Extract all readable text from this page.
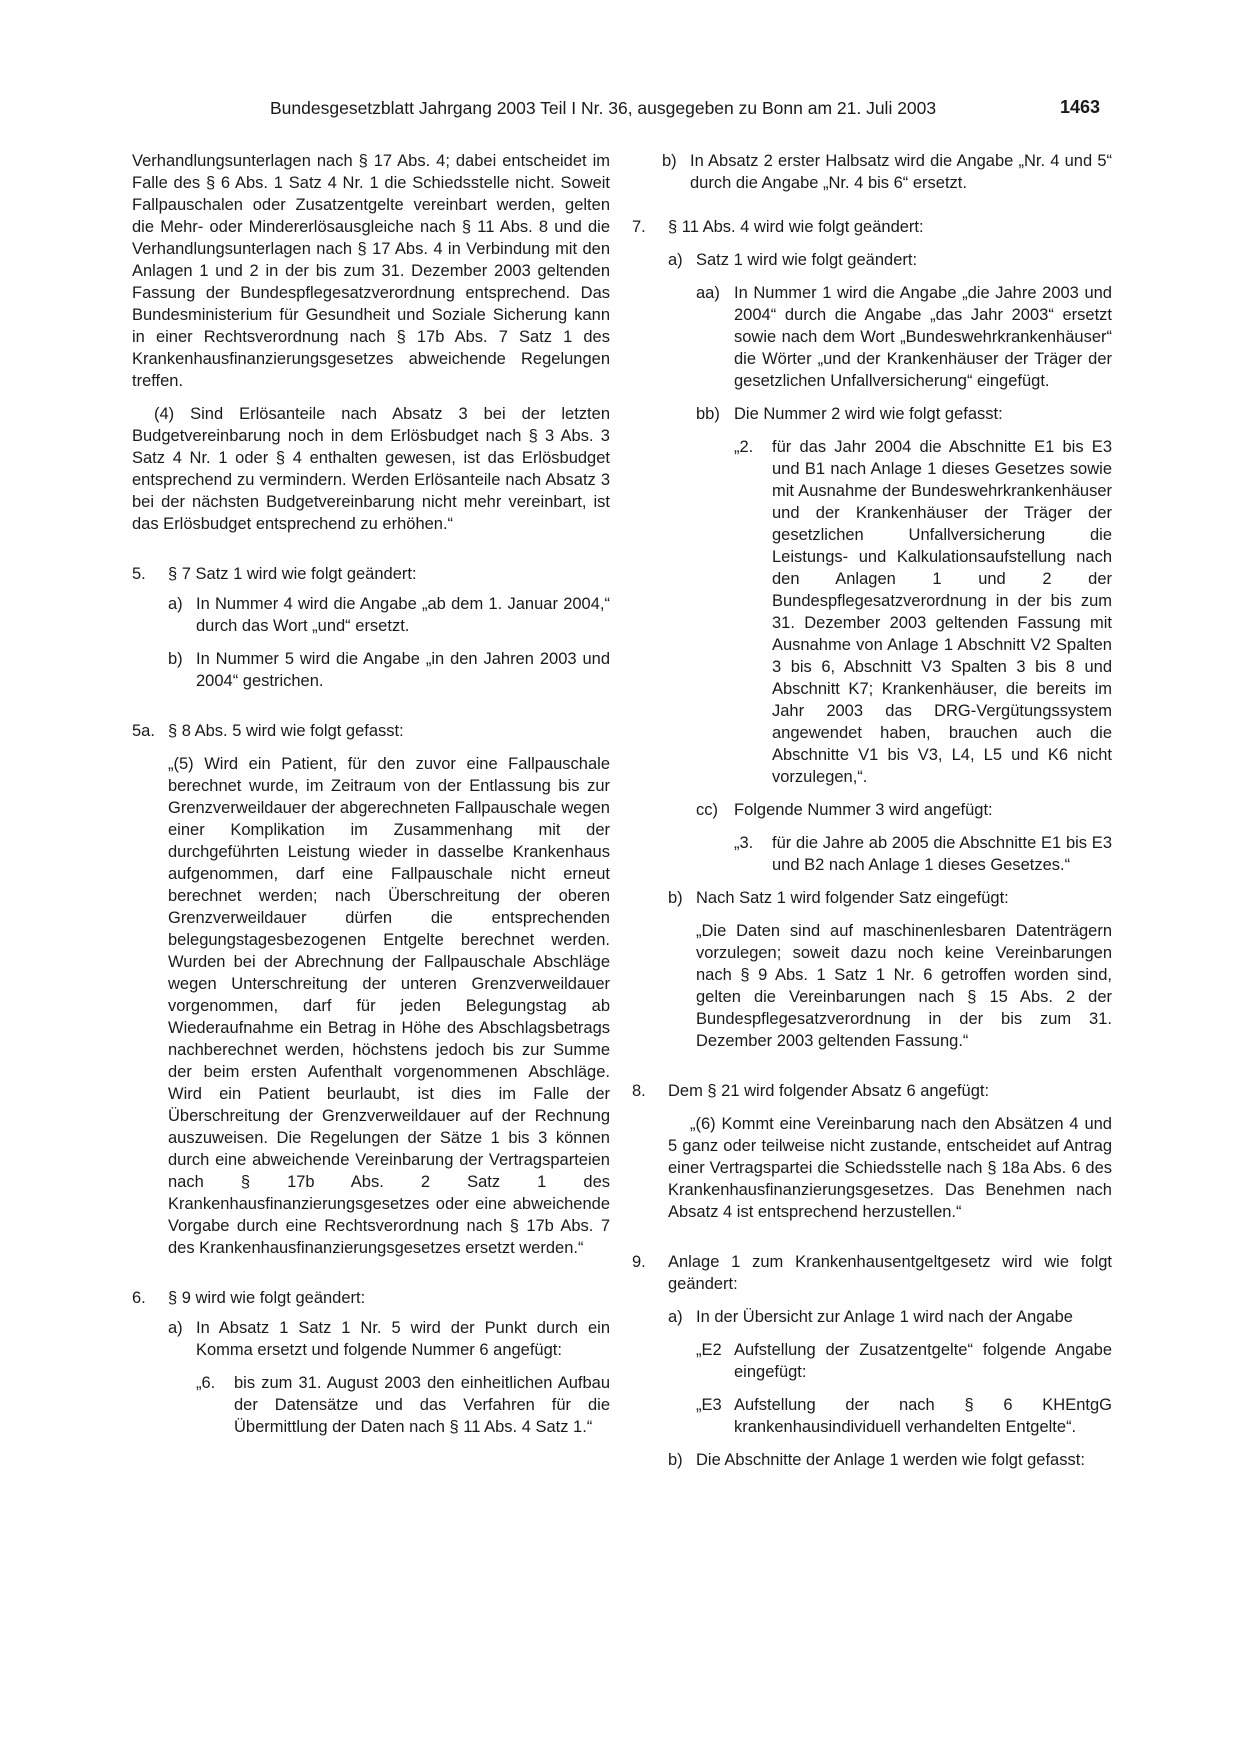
Bundesgesetzblatt Jahrgang 2003 Teil I Nr. 36, ausgegeben zu Bonn am 21. Juli 2003	1463

Verhandlungsunterlagen nach § 17 Abs. 4; dabei entscheidet im Falle des § 6 Abs. 1 Satz 4 Nr. 1 die Schiedsstelle nicht. Soweit Fallpauschalen oder Zusatzentgelte vereinbart werden, gelten die Mehr- oder Mindererlösausgleiche nach § 11 Abs. 8 und die Verhandlungsunterlagen nach § 17 Abs. 4 in Verbindung mit den Anlagen 1 und 2 in der bis zum 31. Dezember 2003 geltenden Fassung der Bundespflegesatzverordnung entsprechend. Das Bundesministerium für Gesundheit und Soziale Sicherung kann in einer Rechtsverordnung nach § 17b Abs. 7 Satz 1 des Krankenhausfinanzierungsgesetzes abweichende Regelungen treffen.

(4) Sind Erlösanteile nach Absatz 3 bei der letzten Budgetvereinbarung noch in dem Erlösbudget nach § 3 Abs. 3 Satz 4 Nr. 1 oder § 4 enthalten gewesen, ist das Erlösbudget entsprechend zu vermindern. Werden Erlösanteile nach Absatz 3 bei der nächsten Budgetvereinbarung nicht mehr vereinbart, ist das Erlösbudget entsprechend zu erhöhen.“

5. § 7 Satz 1 wird wie folgt geändert:

a) In Nummer 4 wird die Angabe „ab dem 1. Januar 2004,“ durch das Wort „und“ ersetzt.

b) In Nummer 5 wird die Angabe „in den Jahren 2003 und 2004“ gestrichen.

5a. § 8 Abs. 5 wird wie folgt gefasst:

„(5) Wird ein Patient, für den zuvor eine Fallpauschale berechnet wurde, im Zeitraum von der Entlassung bis zur Grenzverweildauer der abgerechneten Fallpauschale wegen einer Komplikation im Zusammenhang mit der durchgeführten Leistung wieder in dasselbe Krankenhaus aufgenommen, darf eine Fallpauschale nicht erneut berechnet werden; nach Überschreitung der oberen Grenzverweildauer dürfen die entsprechenden belegungstagesbezogenen Entgelte berechnet werden. Wurden bei der Abrechnung der Fallpauschale Abschläge wegen Unterschreitung der unteren Grenzverweildauer vorgenommen, darf für jeden Belegungstag ab Wiederaufnahme ein Betrag in Höhe des Abschlagsbetrags nachberechnet werden, höchstens jedoch bis zur Summe der beim ersten Aufenthalt vorgenommenen Abschläge. Wird ein Patient beurlaubt, ist dies im Falle der Überschreitung der Grenzverweildauer auf der Rechnung auszuweisen. Die Regelungen der Sätze 1 bis 3 können durch eine abweichende Vereinbarung der Vertragsparteien nach § 17b Abs. 2 Satz 1 des Krankenhausfinanzierungsgesetzes oder eine abweichende Vorgabe durch eine Rechtsverordnung nach § 17b Abs. 7 des Krankenhausfinanzierungsgesetzes ersetzt werden.“

6. § 9 wird wie folgt geändert:

a) In Absatz 1 Satz 1 Nr. 5 wird der Punkt durch ein Komma ersetzt und folgende Nummer 6 angefügt:

„6. bis zum 31. August 2003 den einheitlichen Aufbau der Datensätze und das Verfahren für die Übermittlung der Daten nach § 11 Abs. 4 Satz 1.“

b) In Absatz 2 erster Halbsatz wird die Angabe „Nr. 4 und 5“ durch die Angabe „Nr. 4 bis 6“ ersetzt.

7. § 11 Abs. 4 wird wie folgt geändert:

a) Satz 1 wird wie folgt geändert:

aa) In Nummer 1 wird die Angabe „die Jahre 2003 und 2004“ durch die Angabe „das Jahr 2003“ ersetzt sowie nach dem Wort „Bundeswehrkrankenhäuser“ die Wörter „und der Krankenhäuser der Träger der gesetzlichen Unfallversicherung“ eingefügt.

bb) Die Nummer 2 wird wie folgt gefasst:

„2. für das Jahr 2004 die Abschnitte E1 bis E3 und B1 nach Anlage 1 dieses Gesetzes sowie mit Ausnahme der Bundeswehrkrankenhäuser und der Krankenhäuser der Träger der gesetzlichen Unfallversicherung die Leistungs- und Kalkulationsaufstellung nach den Anlagen 1 und 2 der Bundespflegesatzverordnung in der bis zum 31. Dezember 2003 geltenden Fassung mit Ausnahme von Anlage 1 Abschnitt V2 Spalten 3 bis 6, Abschnitt V3 Spalten 3 bis 8 und Abschnitt K7; Krankenhäuser, die bereits im Jahr 2003 das DRG-Vergütungssystem angewendet haben, brauchen auch die Abschnitte V1 bis V3, L4, L5 und K6 nicht vorzulegen,“.

cc) Folgende Nummer 3 wird angefügt:

„3. für die Jahre ab 2005 die Abschnitte E1 bis E3 und B2 nach Anlage 1 dieses Gesetzes.“

b) Nach Satz 1 wird folgender Satz eingefügt:

„Die Daten sind auf maschinenlesbaren Datenträgern vorzulegen; soweit dazu noch keine Vereinbarungen nach § 9 Abs. 1 Satz 1 Nr. 6 getroffen worden sind, gelten die Vereinbarungen nach § 15 Abs. 2 der Bundespflegesatzverordnung in der bis zum 31. Dezember 2003 geltenden Fassung.“

8. Dem § 21 wird folgender Absatz 6 angefügt:

„(6) Kommt eine Vereinbarung nach den Absätzen 4 und 5 ganz oder teilweise nicht zustande, entscheidet auf Antrag einer Vertragspartei die Schiedsstelle nach § 18a Abs. 6 des Krankenhausfinanzierungsgesetzes. Das Benehmen nach Absatz 4 ist entsprechend herzustellen.“

9. Anlage 1 zum Krankenhausentgeltgesetz wird wie folgt geändert:

a) In der Übersicht zur Anlage 1 wird nach der Angabe

„E2 Aufstellung der Zusatzentgelte“ folgende Angabe eingefügt:

„E3 Aufstellung der nach § 6 KHEntgG krankenhausindividuell verhandelten Entgelte“.

b) Die Abschnitte der Anlage 1 werden wie folgt gefasst:
